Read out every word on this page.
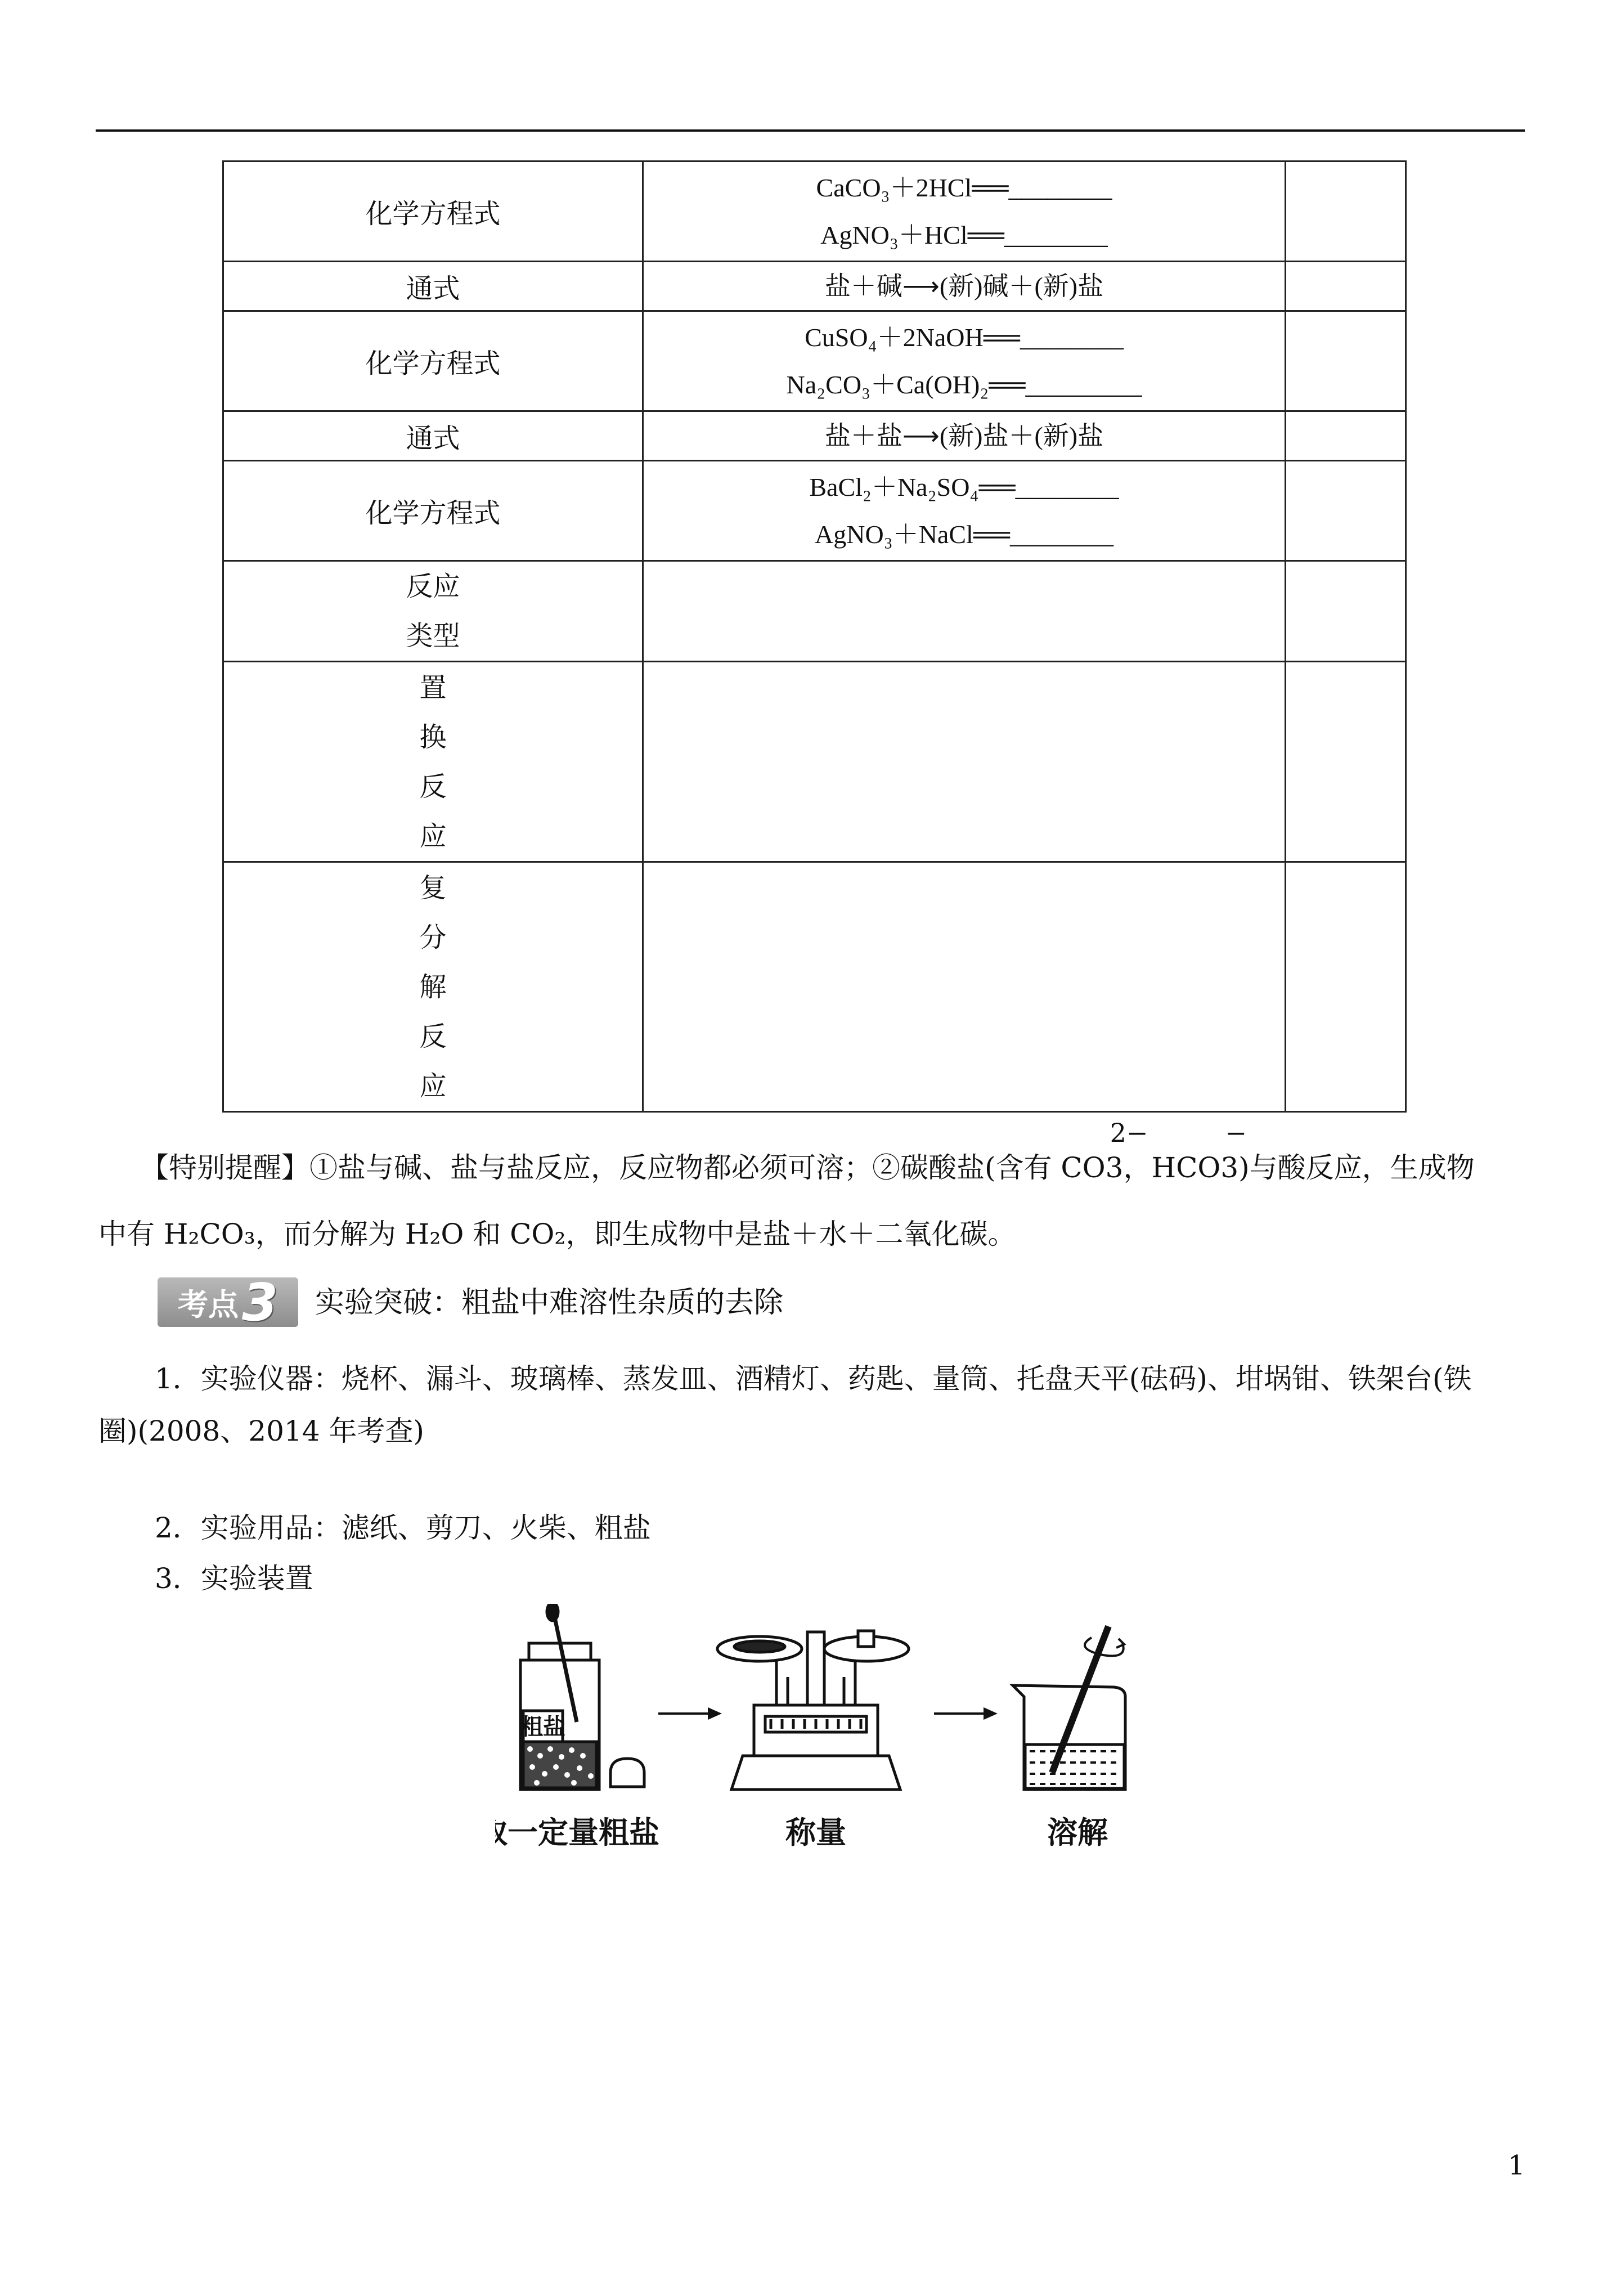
化学方程式	CaCO₃＋2HCl══________
AgNO₃＋HCl══________	

通式	盐＋碱⟶(新)碱＋(新)盐	

化学方程式	CuSO₄＋2NaOH══________
Na₂CO₃＋Ca(OH)₂══_________	

通式	盐＋盐⟶(新)盐＋(新)盐	

化学方程式	BaCl₂＋Na₂SO₄══________
AgNO₃＋NaCl══________	

反应
类型		

置
换
反
应		

复
分
解
反
应		

【特别提醒】①盐与碱、盐与盐反应，反应物都必须可溶；②碳酸盐(含有 CO
2−
3，HCO
−
3)与酸反应，生成物
中有 H₂CO₃，而分解为 H₂O 和 CO₂，即生成物中是盐＋水＋二氧化碳。
考点 3 实验突破：粗盐中难溶性杂质的去除
1．实验仪器：烧杯、漏斗、玻璃棒、蒸发皿、酒精灯、药匙、量筒、托盘天平(砝码)、坩埚钳、铁架台(铁
圈)(2008、2014 年考查)
2．实验用品：滤纸、剪刀、火柴、粗盐
3．实验装置
粗盐
取一定量粗盐	称量	溶解
1
